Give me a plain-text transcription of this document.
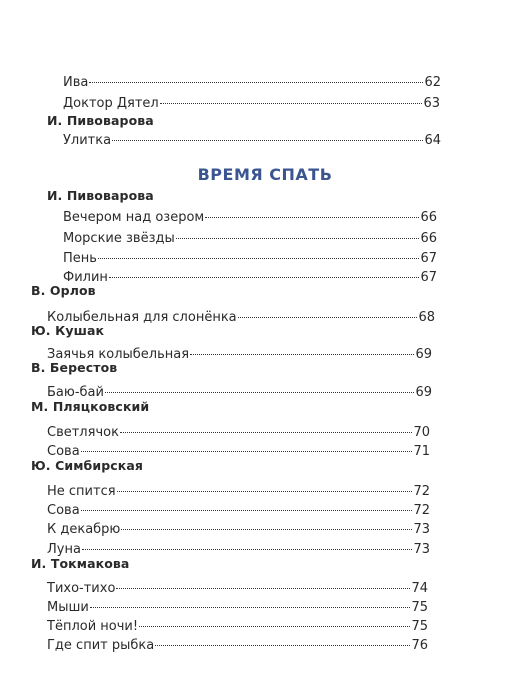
Ива	62
Доктор Дятел	63
И. Пивоварова
Улитка	64
ВРЕМЯ СПАТЬ
И. Пивоварова
Вечером над озером	66
Морские звёзды	66
Пень	67
Филин	67
В. Орлов
Колыбельная для слонёнка	68
Ю. Кушак
Заячья колыбельная	69
В. Берестов
Баю-бай	69
М. Пляцковский
Светлячок	70
Сова	71
Ю. Симбирская
Не спится	72
Сова	72
К декабрю	73
Луна	73
И. Токмакова
Тихо-тихо	74
Мыши	75
Тёплой ночи!	75
Где спит рыбка	76
